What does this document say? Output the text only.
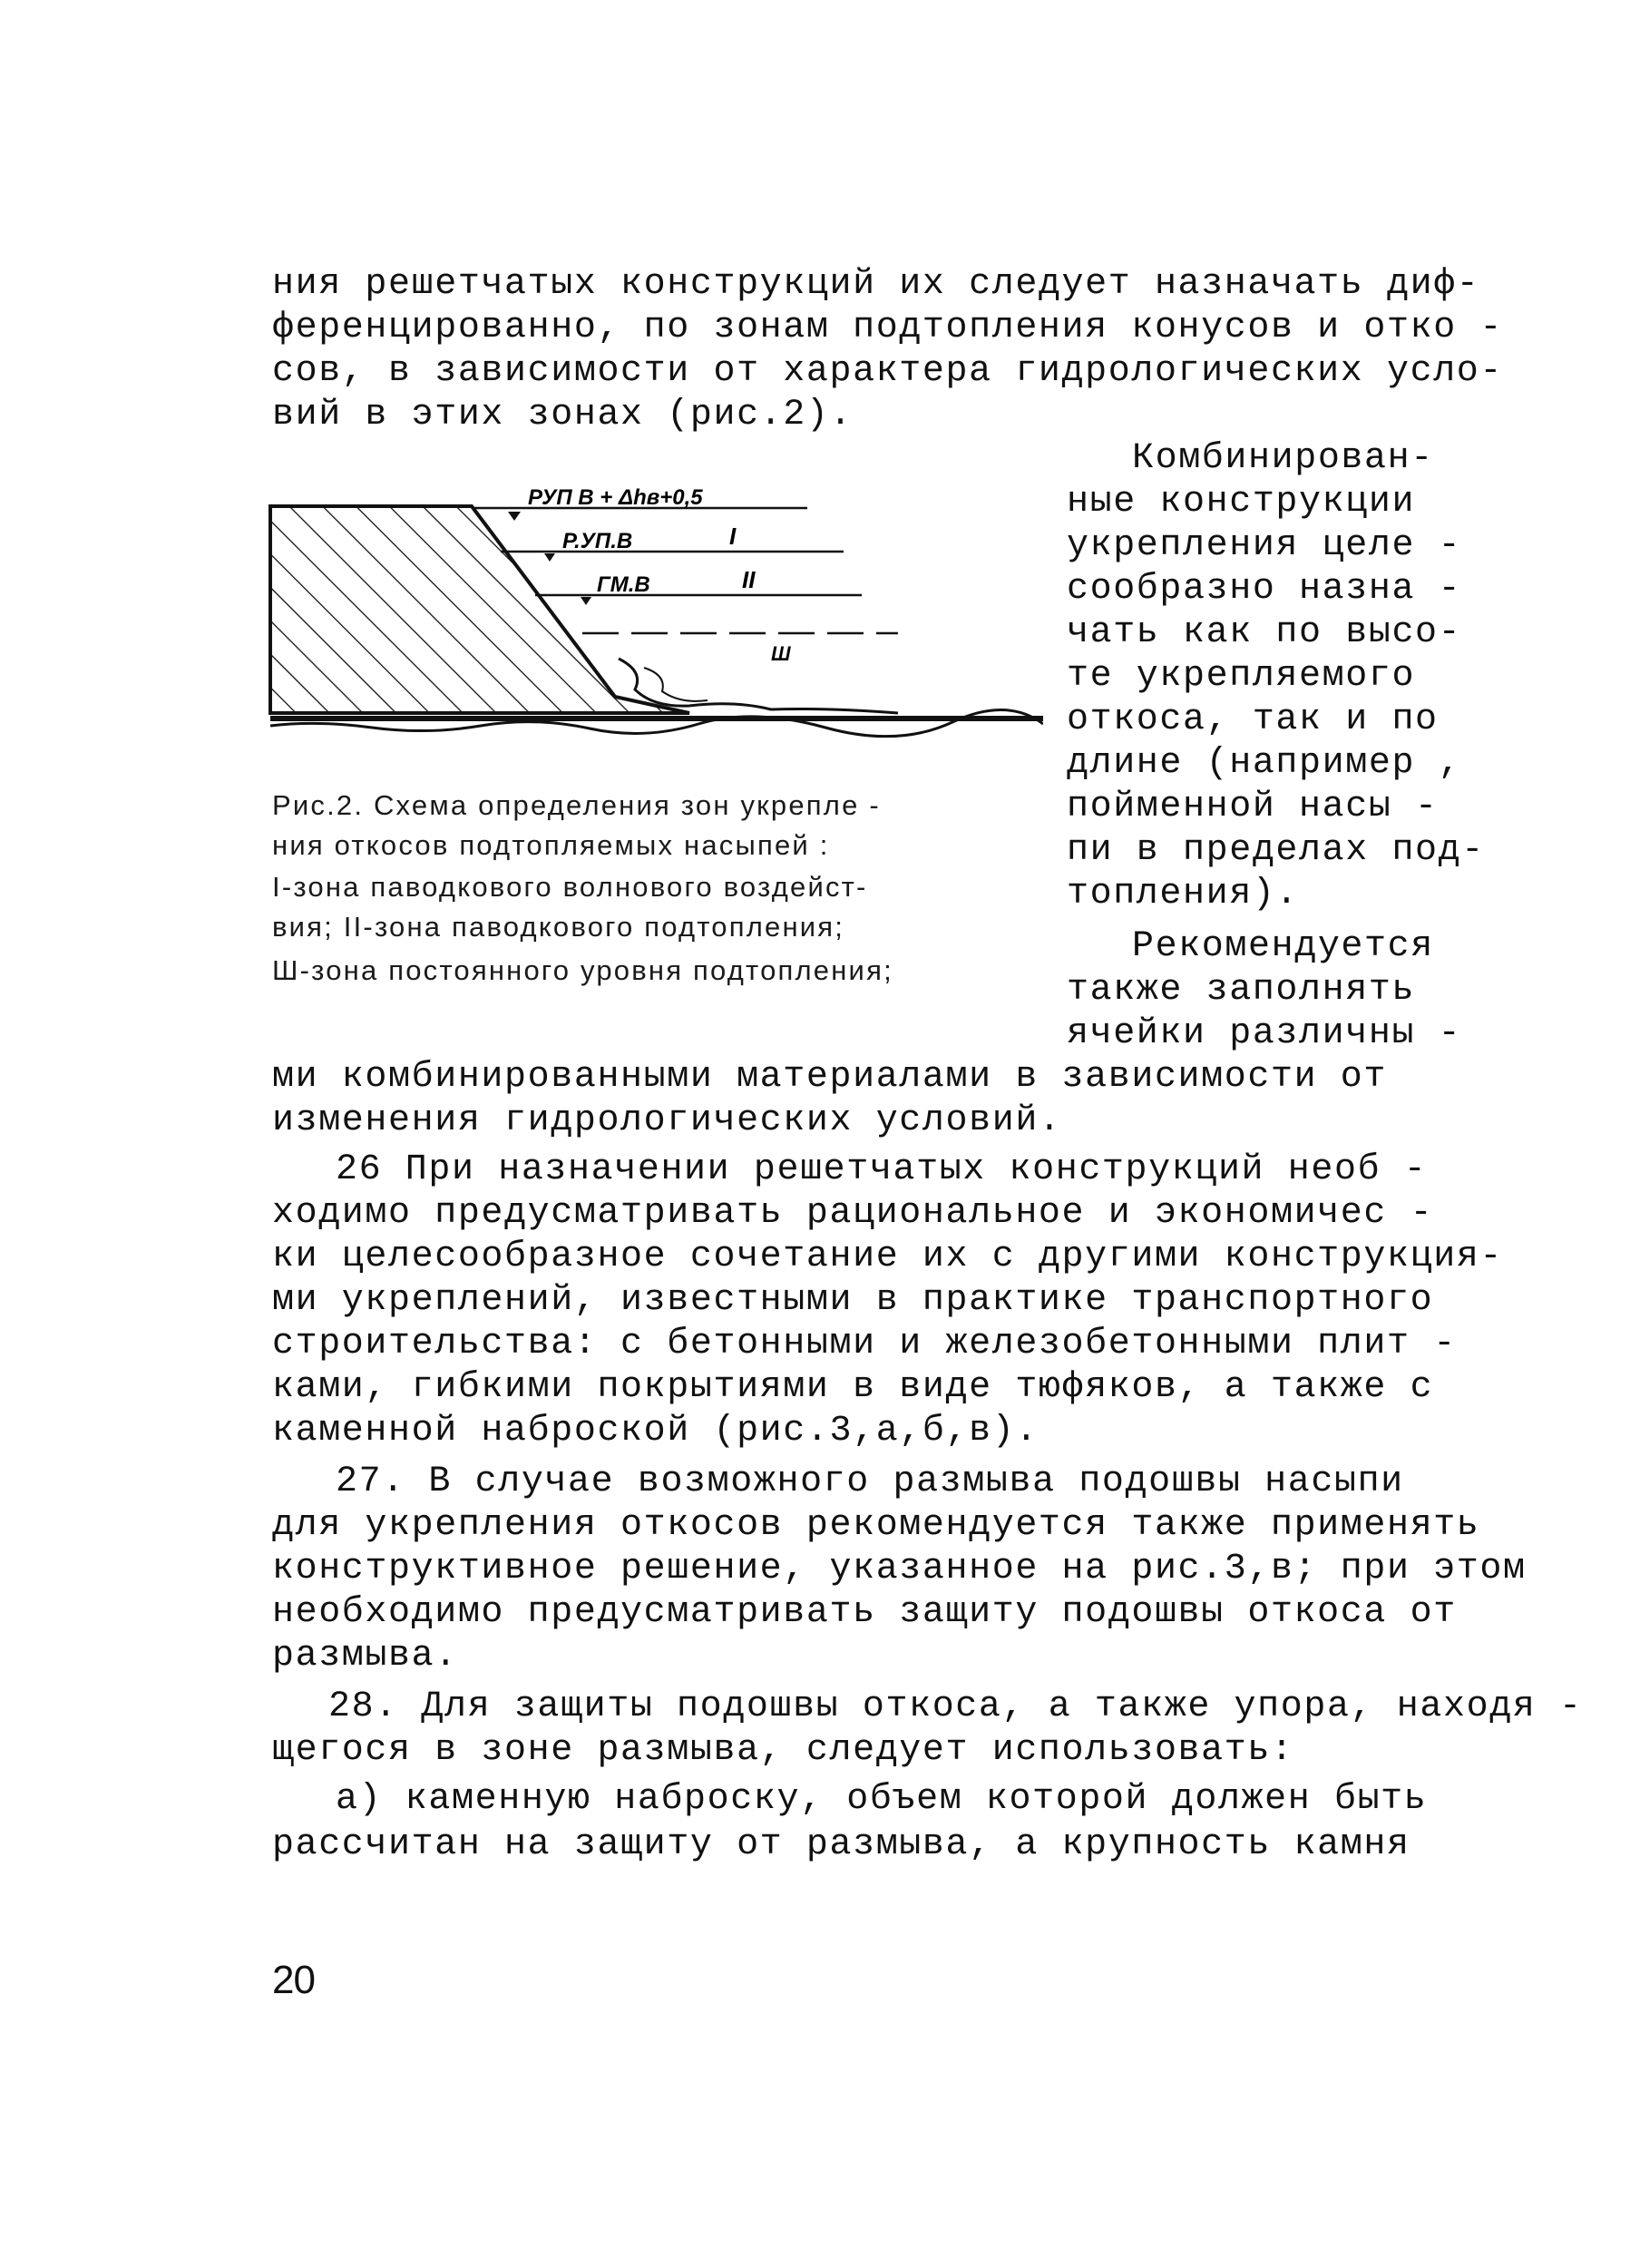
ния решетчатых конструкций их следует назначать диф-
ференцированно, по зонам подтопления конусов и отко -
сов, в зависимости от характера гидрологических усло-
вий в этих зонах (рис.2).
Комбинирован-
ные конструкции
укрепления целе -
сообразно назна -
чать как по высо-
те укрепляемого
откоса, так и по
длине (например ,
пойменной насы -
пи в пределах под-
топления).
Рекомендуется
также заполнять
ячейки различны -
РУП В + Δhв+0,5
Р.УП.В
ГМ.В
I
II
Ш
Рис.2. Схема определения зон укрепле -
ния откосов подтопляемых насыпей :
I-зона паводкового волнового воздейст-
вия; II-зона паводкового подтопления;
Ш-зона постоянного уровня подтопления;
ми комбинированными материалами в зависимости от
изменения гидрологических условий.
26 При назначении решетчатых конструкций необ -
ходимо предусматривать рациональное и экономичес -
ки целесообразное сочетание их с другими конструкция-
ми укреплений, известными в практике транспортного
строительства: с бетонными и железобетонными плит -
ками, гибкими покрытиями в виде тюфяков, а также с
каменной наброской (рис.3,а,б,в).
27. В случае возможного размыва подошвы насыпи
для укрепления откосов рекомендуется также применять
конструктивное решение, указанное на рис.3,в; при этом
необходимо предусматривать защиту подошвы откоса от
размыва.
28. Для защиты подошвы откоса, а также упора, находя -
щегося в зоне размыва, следует использовать:
а) каменную наброску, объем которой должен быть
рассчитан на защиту от размыва, а крупность камня
20
